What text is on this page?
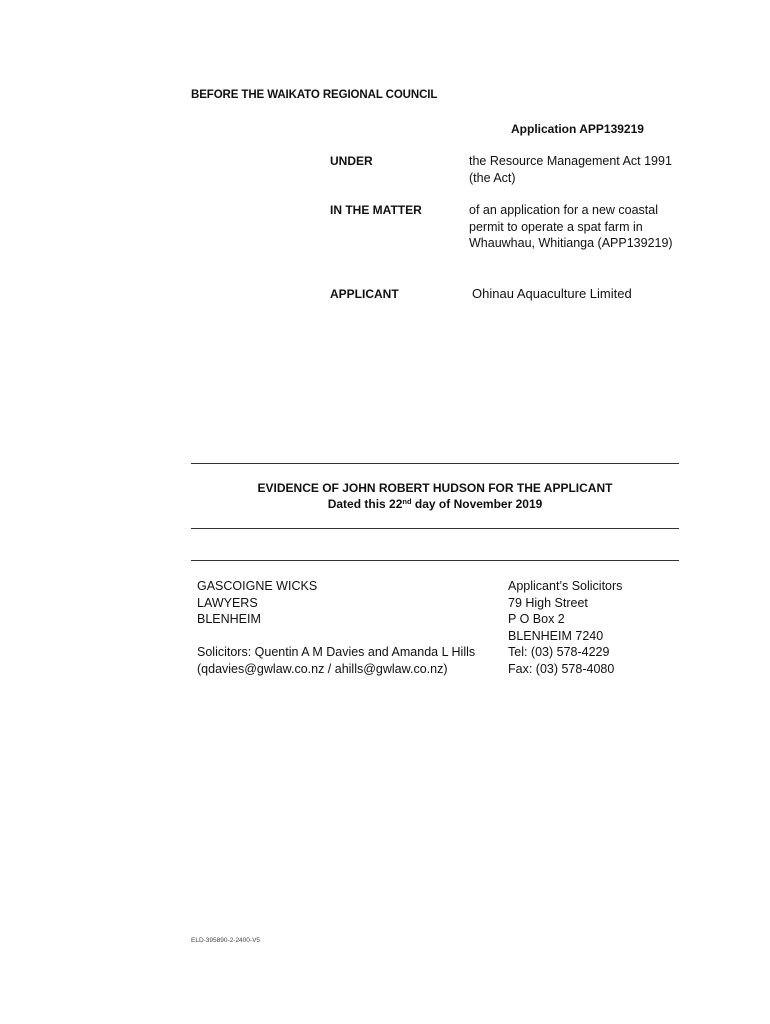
BEFORE THE WAIKATO REGIONAL COUNCIL
Application APP139219
UNDER	the Resource Management Act 1991
(the Act)
IN THE MATTER	of an application for a new coastal
permit to operate a spat farm in
Whauwhau, Whitianga (APP139219)
APPLICANT	Ohinau Aquaculture Limited
EVIDENCE OF JOHN ROBERT HUDSON FOR THE APPLICANT
Dated this 22nd day of November 2019
GASCOIGNE WICKS
LAWYERS
BLENHEIM
Solicitors: Quentin A M Davies and Amanda L Hills
(qdavies@gwlaw.co.nz / ahills@gwlaw.co.nz)
Applicant’s Solicitors
79 High Street
P O Box 2
BLENHEIM 7240
Tel: (03) 578-4229
Fax: (03) 578-4080
ELD-395890-2-2400-V5
